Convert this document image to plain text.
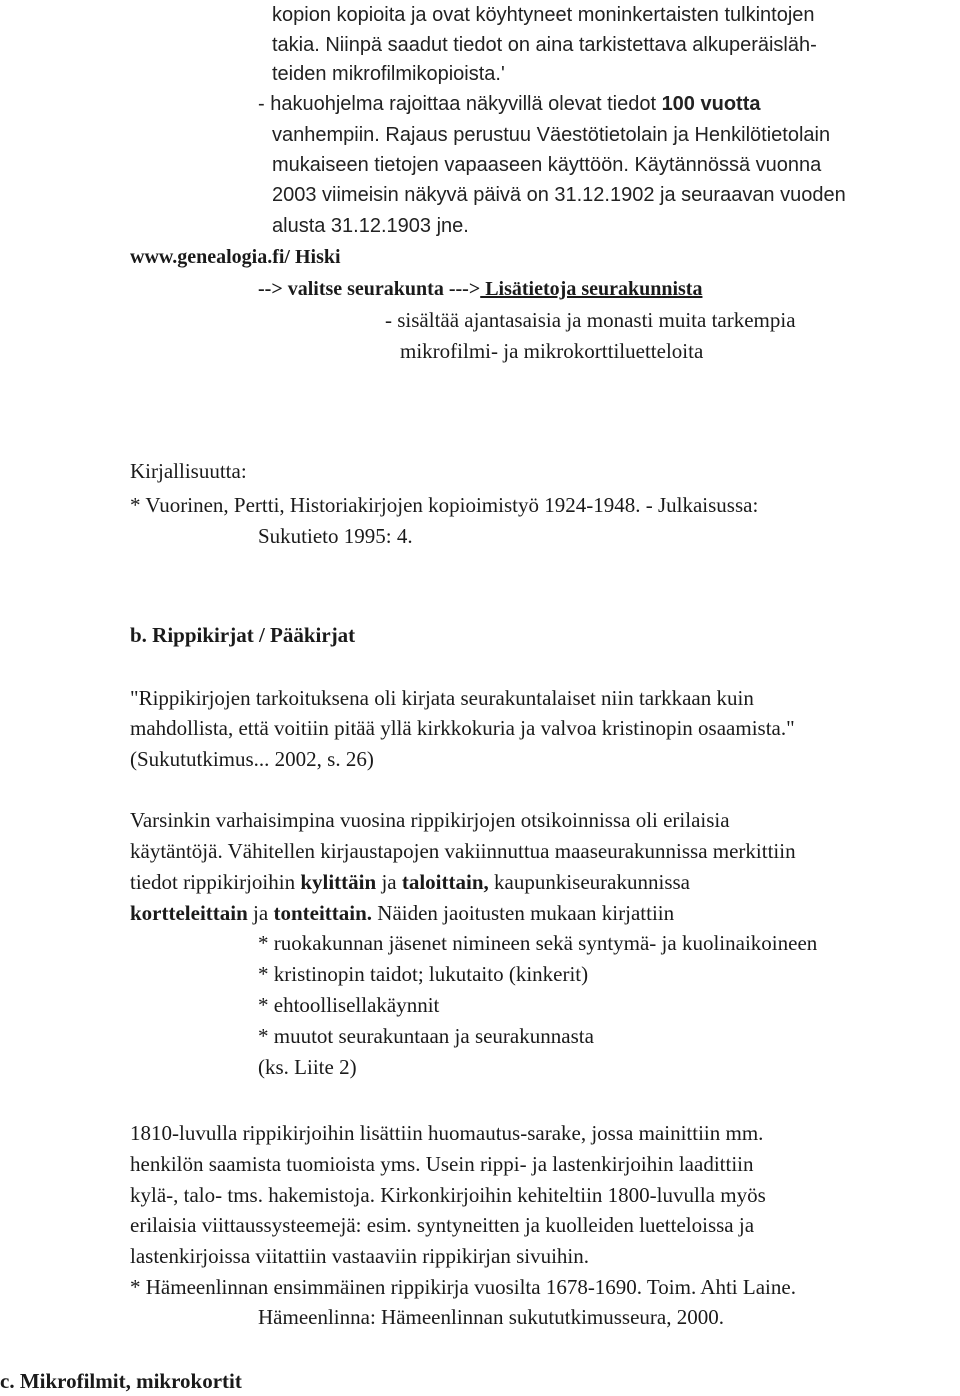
kopion kopioita ja ovat köyhtyneet moninkertaisten tulkintojen
takia. Niinpä saadut tiedot on aina tarkistettava alkuperäisläh-
teiden mikrofilmikopioista.'
- hakuohjelma rajoittaa näkyvillä olevat tiedot 100 vuotta
vanhempiin. Rajaus perustuu Väestötietolain ja Henkilötietolain
mukaiseen tietojen vapaaseen käyttöön. Käytännössä vuonna
2003 viimeisin näkyvä päivä on 31.12.1902 ja seuraavan vuoden
alusta 31.12.1903 jne.
www.genealogia.fi/ Hiski
--> valitse seurakunta ---> Lisätietoja seurakunnista
- sisältää ajantasaisia ja monasti muita tarkempia
mikrofilmi- ja mikrokorttiluetteloita
Kirjallisuutta:
* Vuorinen, Pertti, Historiakirjojen kopioimistyö 1924-1948. - Julkaisussa:
Sukutieto 1995: 4.
b. Rippikirjat / Pääkirjat
"Rippikirjojen tarkoituksena oli kirjata seurakuntalaiset niin tarkkaan kuin
mahdollista, että voitiin pitää yllä kirkkokuria ja valvoa kristinopin osaamista."
(Sukututkimus... 2002, s. 26)
Varsinkin varhaisimpina vuosina rippikirjojen otsikoinnissa oli erilaisia
käytäntöjä. Vähitellen kirjaustapojen vakiinnuttua maaseurakunnissa merkittiin
tiedot rippikirjoihin kylittäin ja taloittain, kaupunkiseurakunnissa
kortteleittain ja tonteittain. Näiden jaoitusten mukaan kirjattiin
* ruokakunnan jäsenet nimineen sekä syntymä- ja kuolinaikoineen
* kristinopin taidot; lukutaito (kinkerit)
* ehtoollisellakäynnit
* muutot seurakuntaan ja seurakunnasta
(ks. Liite 2)
1810-luvulla rippikirjoihin lisättiin huomautus-sarake, jossa mainittiin mm.
henkilön saamista tuomioista yms. Usein rippi- ja lastenkirjoihin laadittiin
kylä-, talo- tms. hakemistoja. Kirkonkirjoihin kehiteltiin 1800-luvulla myös
erilaisia viittaussysteemejä: esim. syntyneitten ja kuolleiden luetteloissa ja
lastenkirjoissa viitattiin vastaaviin rippikirjan sivuihin.
* Hämeenlinnan ensimmäinen rippikirja vuosilta 1678-1690. Toim. Ahti Laine.
Hämeenlinna: Hämeenlinnan sukututkimusseura, 2000.
c. Mikrofilmit, mikrokortit
